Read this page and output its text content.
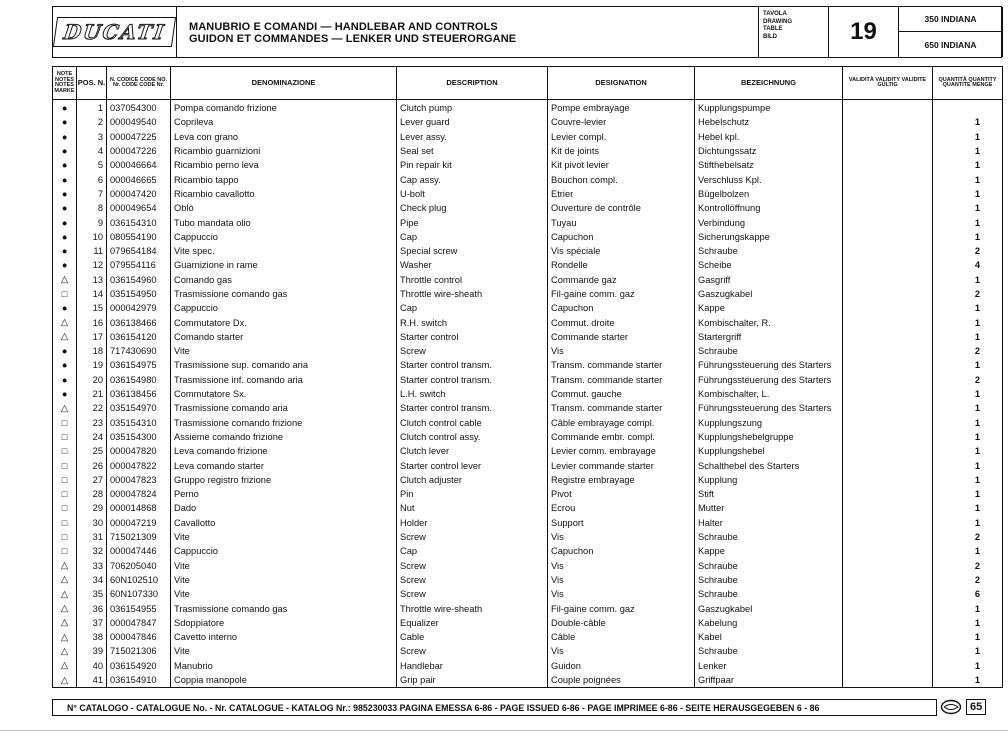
DUCATI	MANUBRIO E COMANDI — HANDLEBAR AND CONTROLS
GUIDON ET COMMANDES — LENKER UND STEUERORGANE
TAVOLA
DRAWING
TABLE
BILD	19	350 INDIANA
650 INDIANA
NOTE NOTES NOTES MARKE	POS. N.	N. CODICE CODE NO. Nr. CODE CODE Nr.	DENOMINAZIONE	DESCRIPTION	DESIGNATION	BEZEICHNUNG	VALIDITÀ VALIDITY VALIDITE GÜLTIG	QUANTITÀ QUANTITY QUANTITE MENGE
●	1	037054300	Pompa comando frizione	Clutch pump	Pompe embrayage	Kupplungspumpe		
●	2	000049540	Coprileva	Lever guard	Couvre-levier	Hebelschutz		1
●	3	000047225	Leva con grano	Lever assy.	Levier compl.	Hebel kpl.		1
●	4	000047226	Ricambio guarnizioni	Seal set	Kit de joints	Dichtungssatz		1
●	5	000046664	Ricambio perno leva	Pin repair kit	Kit pivot levier	Stifthebelsatz		1
●	6	000046665	Ricambio tappo	Cap assy.	Bouchon compl.	Verschluss Kpl.		1
●	7	000047420	Ricambio cavallotto	U-bolt	Etrier	Bügelbolzen		1
●	8	000049654	Oblò	Check plug	Ouverture de contrôle	Kontrollöffnung		1
●	9	036154310	Tubo mandata olio	Pipe	Tuyau	Verbindung		1
●	10	080554190	Cappuccio	Cap	Capuchon	Sicherungskappe		1
●	11	079654184	Vite spec.	Special screw	Vis spéciale	Schraube		2
●	12	079554116	Guarnizione in rame	Washer	Rondelle	Scheibe		4
△	13	036154960	Comando gas	Throttle control	Commande gaz	Gasgriff		1
□	14	035154950	Trasmissione comando gas	Throttle wire-sheath	Fil-gaine comm. gaz	Gaszugkabel		2
●	15	000042979	Cappuccio	Cap	Capuchon	Kappe		1
△	16	036138466	Commutatore Dx.	R.H. switch	Commut. droite	Kombischalter, R.		1
△	17	036154120	Comando starter	Starter control	Commande starter	Startergriff		1
●	18	717430690	Vite	Screw	Vis	Schraube		2
●	19	036154975	Trasmissione sup. comando aria	Starter control transm.	Transm. commande starter	Führungssteuerung des Starters		1
●	20	036154980	Trasmissione inf. comando aria	Starter control transm.	Transm. commande starter	Führungssteuerung des Starters		2
●	21	036138456	Commutatore Sx.	L.H. switch	Commut. gauche	Kombischalter, L.		1
△	22	035154970	Trasmissione comando aria	Starter control transm.	Transm. commande starter	Führungssteuerung des Starters		1
□	23	035154310	Trasmissione comando frizione	Clutch control cable	Câble embrayage compl.	Kupplungszung		1
□	24	035154300	Assieme comando frizione	Clutch control assy.	Commande embr. compl.	Kupplungshebelgruppe		1
□	25	000047820	Leva comando frizione	Clutch lever	Levier comm. embrayage	Kupplungshebel		1
□	26	000047822	Leva comando starter	Starter control lever	Levier commande starter	Schalthebel des Starters		1
□	27	000047823	Gruppo registro frizione	Clutch adjuster	Registre embrayage	Kupplung		1
□	28	000047824	Perno	Pin	Pivot	Stift		1
□	29	000014868	Dado	Nut	Ecrou	Mutter		1
□	30	000047219	Cavallotto	Holder	Support	Halter		1
□	31	715021309	Vite	Screw	Vis	Schraube		2
□	32	000047446	Cappuccio	Cap	Capuchon	Kappe		1
△	33	706205040	Vite	Screw	Vis	Schraube		2
△	34	60N102510	Vite	Screw	Vis	Schraube		2
△	35	60N107330	Vite	Screw	Vis	Schraube		6
△	36	036154955	Trasmissione comando gas	Throttle wire-sheath	Fil-gaine comm. gaz	Gaszugkabel		1
△	37	000047847	Sdoppiatore	Equalizer	Double-câble	Kabelung		1
△	38	000047846	Cavetto interno	Cable	Câble	Kabel		1
△	39	715021306	Vite	Screw	Vis	Schraube		1
△	40	036154920	Manubrio	Handlebar	Guidon	Lenker		1
△	41	036154910	Coppia manopole	Grip pair	Couple poignées	Griffpaar		1
N° CATALOGO - CATALOGUE No. - Nr. CATALOGUE - KATALOG Nr.: 985230033 PAGINA EMESSA 6-86 - PAGE ISSUED 6-86 - PAGE IMPRIMEE 6-86 - SEITE HERAUSGEGEBEN 6 - 86	65
